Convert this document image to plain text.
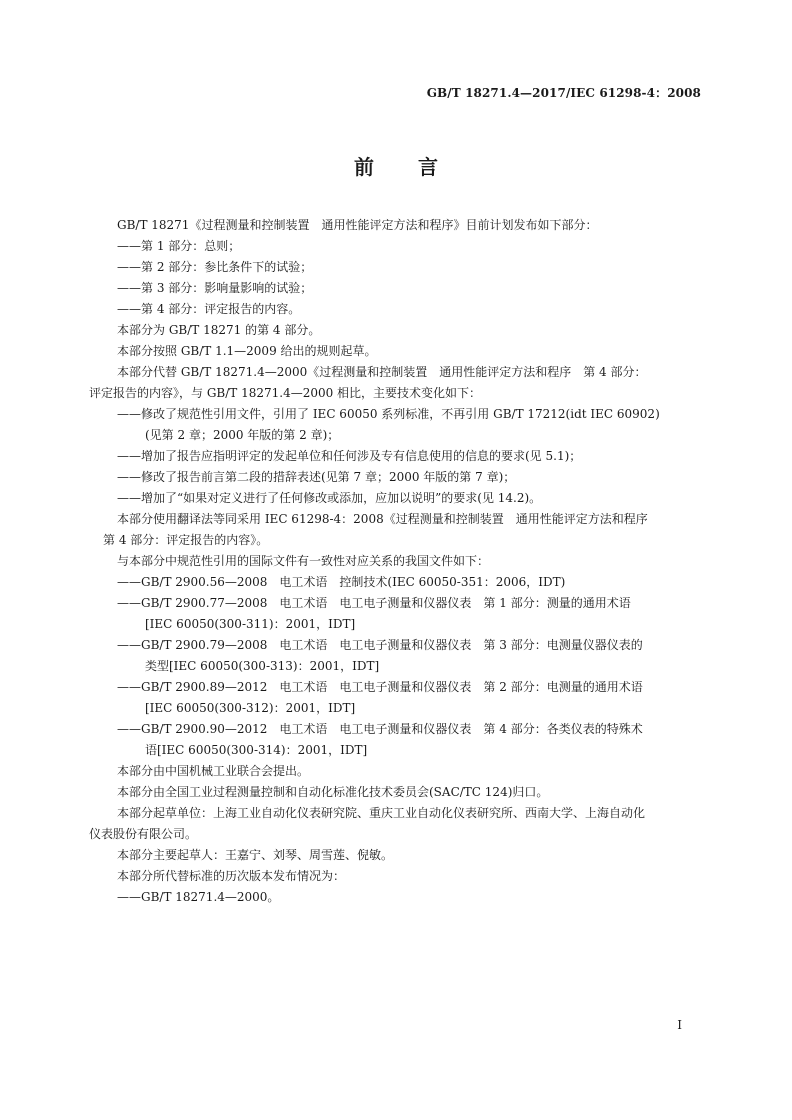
GB/T 18271.4—2017/IEC 61298-4：2008
前言

GB/T 18271《过程测量和控制装置　通用性能评定方法和程序》目前计划发布如下部分：

——第 1 部分：总则；

——第 2 部分：参比条件下的试验；

——第 3 部分：影响量影响的试验；

——第 4 部分：评定报告的内容。

本部分为 GB/T 18271 的第 4 部分。

本部分按照 GB/T 1.1—2009 给出的规则起草。

本部分代替 GB/T 18271.4—2000《过程测量和控制装置　通用性能评定方法和程序　第 4 部分：

评定报告的内容》，与 GB/T 18271.4—2000 相比，主要技术变化如下：

——修改了规范性引用文件，引用了 IEC 60050 系列标准，不再引用 GB/T 17212(idt IEC 60902)

(见第 2 章；2000 年版的第 2 章)；

——增加了报告应指明评定的发起单位和任何涉及专有信息使用的信息的要求(见 5.1)；

——修改了报告前言第二段的措辞表述(见第 7 章；2000 年版的第 7 章)；

——增加了“如果对定义进行了任何修改或添加，应加以说明”的要求(见 14.2)。

本部分使用翻译法等同采用 IEC 61298-4：2008《过程测量和控制装置　通用性能评定方法和程序

第 4 部分：评定报告的内容》。

与本部分中规范性引用的国际文件有一致性对应关系的我国文件如下：

——GB/T 2900.56—2008　电工术语　控制技术(IEC 60050-351：2006，IDT)

——GB/T 2900.77—2008　电工术语　电工电子测量和仪器仪表　第 1 部分：测量的通用术语

[IEC 60050(300-311)：2001，IDT]

——GB/T 2900.79—2008　电工术语　电工电子测量和仪器仪表　第 3 部分：电测量仪器仪表的

类型[IEC 60050(300-313)：2001，IDT]

——GB/T 2900.89—2012　电工术语　电工电子测量和仪器仪表　第 2 部分：电测量的通用术语

[IEC 60050(300-312)：2001，IDT]

——GB/T 2900.90—2012　电工术语　电工电子测量和仪器仪表　第 4 部分：各类仪表的特殊术

语[IEC 60050(300-314)：2001，IDT]

本部分由中国机械工业联合会提出。

本部分由全国工业过程测量控制和自动化标准化技术委员会(SAC/TC 124)归口。

本部分起草单位：上海工业自动化仪表研究院、重庆工业自动化仪表研究所、西南大学、上海自动化

仪表股份有限公司。

本部分主要起草人：王嘉宁、刘琴、周雪莲、倪敏。

本部分所代替标准的历次版本发布情况为：

——GB/T 18271.4—2000。

I
